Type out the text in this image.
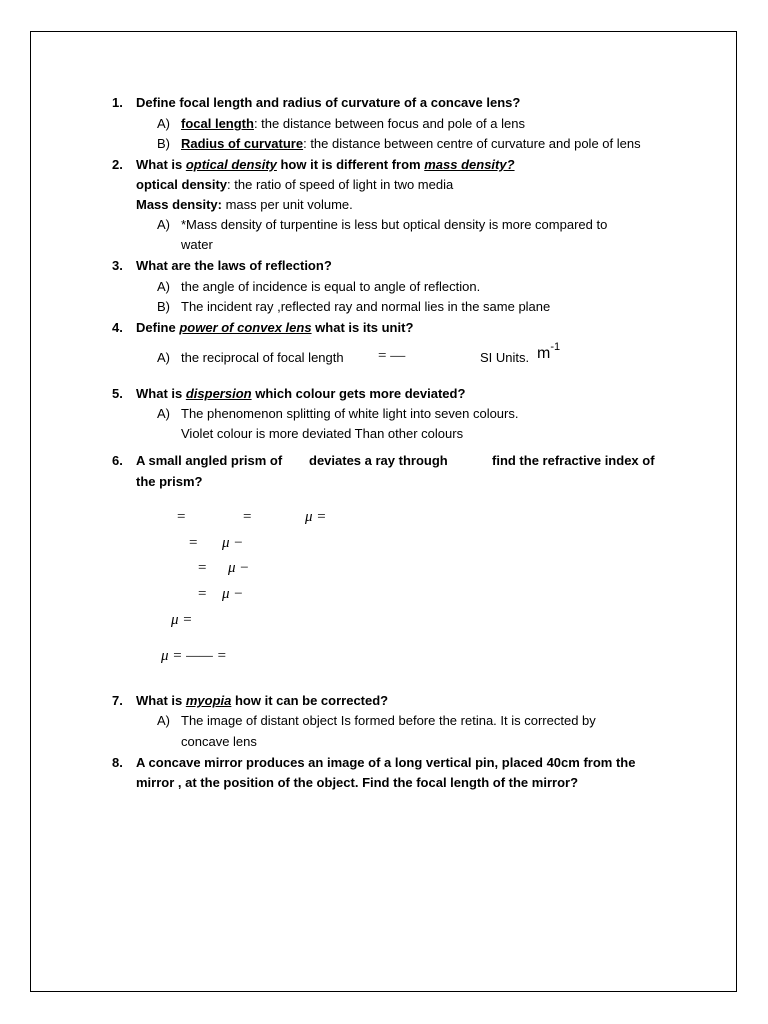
1. Define focal length and radius of curvature of a concave lens?
A) focal length: the distance between focus and pole of a lens
B) Radius of curvature: the distance between centre of curvature and pole of lens
2. What is optical density how it is different from mass density?
optical density: the ratio of speed of light in two media
Mass density: mass per unit volume.
A) *Mass density of turpentine is less but optical density is more compared to
water
3. What are the laws of reflection?
A) the angle of incidence is equal to angle of reflection.
B) The incident ray ,reflected ray and normal lies in the same plane
4. Define power of convex lens what is its unit?
A) the reciprocal of focal length = —	SI Units. $m^{-1}$
5. What is dispersion which colour gets more deviated?
A) The phenomenon splitting of white light into seven colours.
Violet colour is more deviated Than other colours
6. A small angled prism of deviates a ray through	find the refractive index of
the prism?
=	=	μ =
= μ −
= μ −
= μ −
μ =
μ = —— =
7. What is myopia how it can be corrected?
A) The image of distant object Is formed before the retina. It is corrected by
concave lens
8. A concave mirror produces an image of a long vertical pin, placed 40cm from the
mirror , at the position of the object. Find the focal length of the mirror?
